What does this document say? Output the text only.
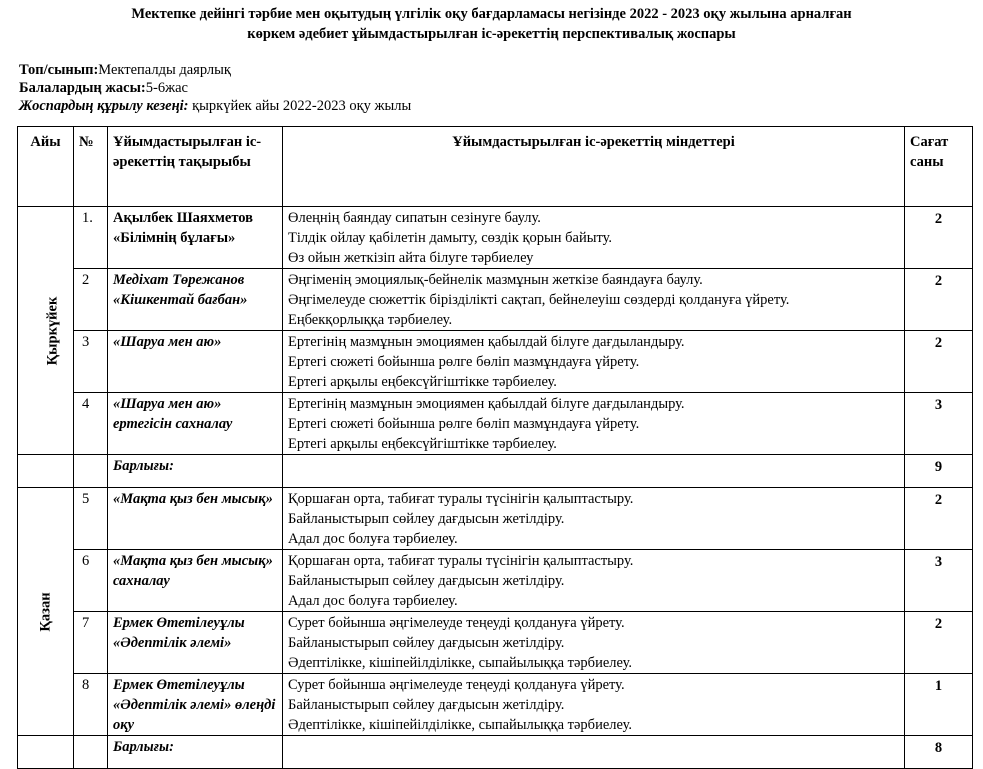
Мектепке дейінгі тәрбие мен оқытудың үлгілік оқу бағдарламасы негізінде 2022 - 2023 оқу жылына арналған
көркем әдебиет ұйымдастырылған іс-әрекеттің перспективалық жоспары
Топ/сынып:Мектепалды даярлық
Балалардың жасы:5-6жас
Жоспардың құрылу кезеңі: қыркүйек айы 2022-2023 оқу жылы
Айы	№	Ұйымдастырылған іс-әрекеттің тақырыбы	Ұйымдастырылған іс-әрекеттің міндеттері	Сағат саны
Қыркүйек	1.	Ақылбек Шаяхметов «Білімнің бұлағы»	Өлеңнің баяндау сипатын сезінуге баулу.
Тілдік ойлау қабілетін дамыту, сөздік қорын байыту.
Өз ойын жеткізіп айта білуге тәрбиелеу	2
	2	Медіхат Төрежанов «Кішкентай бағбан»	Әңгіменің эмоциялық-бейнелік мазмұнын жеткізе баяндауға баулу.
Әңгімелеуде сюжеттік бірізділікті сақтап, бейнелеуіш сөздерді қолдануға үйрету.
Еңбекқорлыққа тәрбиелеу.	2
	3	«Шаруа мен аю»	Ертегінің мазмұнын эмоциямен қабылдай білуге дағдыландыру.
Ертегі сюжеті бойынша рөлге бөліп мазмұндауға үйрету.
Ертегі арқылы еңбексүйгіштікке тәрбиелеу.	2
	4	«Шаруа мен аю» ертегісін сахналау	Ертегінің мазмұнын эмоциямен қабылдай білуге дағдыландыру.
Ертегі сюжеті бойынша рөлге бөліп мазмұндауға үйрету.
Ертегі арқылы еңбексүйгіштікке тәрбиелеу.	3
		Барлығы:		9
Қазан	5	«Мақта қыз бен мысық»	Қоршаған орта, табиғат туралы түсінігін қалыптастыру.
Байланыстырып сөйлеу дағдысын жетілдіру.
Адал дос болуға тәрбиелеу.	2
	6	«Мақта қыз бен мысық» сахналау	Қоршаған орта, табиғат туралы түсінігін қалыптастыру.
Байланыстырып сөйлеу дағдысын жетілдіру.
Адал дос болуға тәрбиелеу.	3
	7	Ермек Өтетілеуұлы «Әдептілік әлемі»	Сурет бойынша әңгімелеуде теңеуді қолдануға үйрету.
Байланыстырып сөйлеу дағдысын жетілдіру.
Әдептілікке, кішіпейілділікке, сыпайылыққа тәрбиелеу.	2
	8	Ермек Өтетілеуұлы «Әдептілік әлемі» өлеңді оқу	Сурет бойынша әңгімелеуде теңеуді қолдануға үйрету.
Байланыстырып сөйлеу дағдысын жетілдіру.
Әдептілікке, кішіпейілділікке, сыпайылыққа тәрбиелеу.	1
		Барлығы:		8
